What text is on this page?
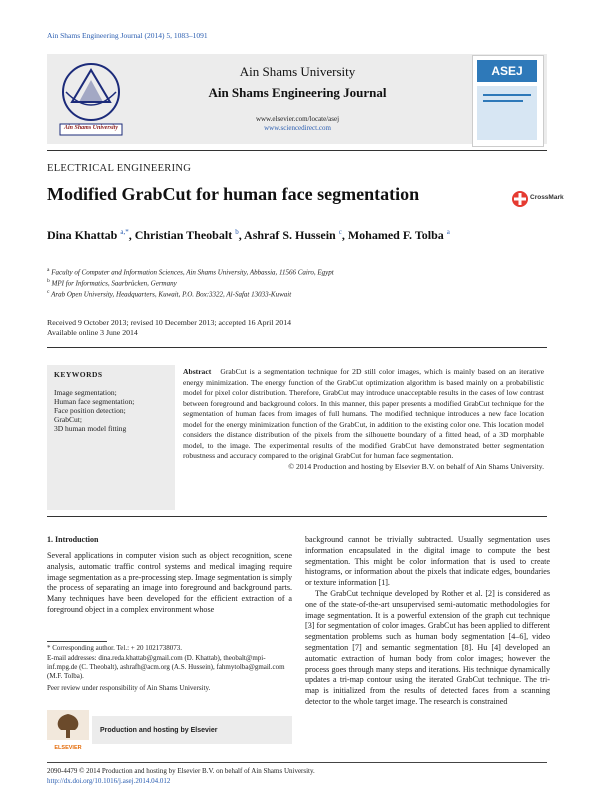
Ain Shams Engineering Journal (2014) 5, 1083–1091
Ain Shams University
ASEJ
Ain Shams University
Ain Shams Engineering Journal
www.elsevier.com/locate/asej
www.sciencedirect.com
ELECTRICAL ENGINEERING
Modified GrabCut for human face segmentation	CrossMark
Dina Khattab $^{a,*}$, Christian Theobalt $^b$, Ashraf S. Hussein $^c$, Mohamed F. Tolba $^a$
$^a$ Faculty of Computer and Information Sciences, Ain Shams University, Abbassia, 11566 Cairo, Egypt
$^b$ MPI for Informatics, Saarbrücken, Germany
$^c$ Arab Open University, Headquarters, Kuwait, P.O. Box:3322, Al-Safat 13033-Kuwait
Received 9 October 2013; revised 10 December 2013; accepted 16 April 2014
Available online 3 June 2014
KEYWORDS
Image segmentation;
Human face segmentation;
Face position detection;
GrabCut;
3D human model fitting
Abstract GrabCut is a segmentation technique for 2D still color images, which is mainly based on an iterative energy minimization. The energy function of the GrabCut optimization algorithm is based mainly on a probabilistic model for pixel color distribution. Therefore, GrabCut may introduce unacceptable results in the cases of low contrast between foreground and background colors. In this manner, this paper presents a modified GrabCut technique for the segmentation of human faces from images of full humans. The modified technique introduces a new face location model for the energy minimization function of the GrabCut, in addition to the existing color one. This location model considers the distance distribution of the pixels from the silhouette boundary of a fitted head, of a 3D morphable model, to the image. The experimental results of the modified GrabCut have demonstrated better segmentation robustness and accuracy compared to the original GrabCut for human face segmentation.
© 2014 Production and hosting by Elsevier B.V. on behalf of Ain Shams University.
1. Introduction
Several applications in computer vision such as object recognition, scene analysis, automatic traffic control systems and medical imaging require image segmentation as a pre-processing step. Image segmentation is simply the process of separating an image into foreground and background parts. Many techniques have been developed for the efficient extraction of a foreground object in a complex environment whose
background cannot be trivially subtracted. Usually segmentation uses information encapsulated in the digital image to compute the best segmentation. This might be color information that is used to create histograms, or information about the pixels that indicate edges, boundaries or texture information [1].
The GrabCut technique developed by Rother et al. [2] is considered as one of the state-of-the-art unsupervised semi-automatic methodologies for image segmentation. It is a powerful extension of the graph cut technique [3] for segmentation of color images. GrabCut has been applied to different segmentation problems such as human body segmentation [4–6], video segmentation [7] and semantic segmentation [8]. Hu [4] developed an automatic extraction of human body from color images; however the process goes through many steps and iterations. His technique dynamically updates a tri-map contour using the iterated GrabCut technique. The tri-map is initialized from the results of detected faces from a scanning detector to the whole target image. The research is constrained
* Corresponding author. Tel.: + 20 1021738073.
E-mail addresses: dina.reda.khattab@gmail.com (D. Khattab), theobalt@mpi-inf.mpg.de (C. Theobalt), ashrafh@acm.org (A.S. Hussein), fahmytolba@gmail.com (M.F. Tolba).
Peer review under responsibility of Ain Shams University.
ELSEVIER
Production and hosting by Elsevier
2090-4479 © 2014 Production and hosting by Elsevier B.V. on behalf of Ain Shams University.
http://dx.doi.org/10.1016/j.asej.2014.04.012
